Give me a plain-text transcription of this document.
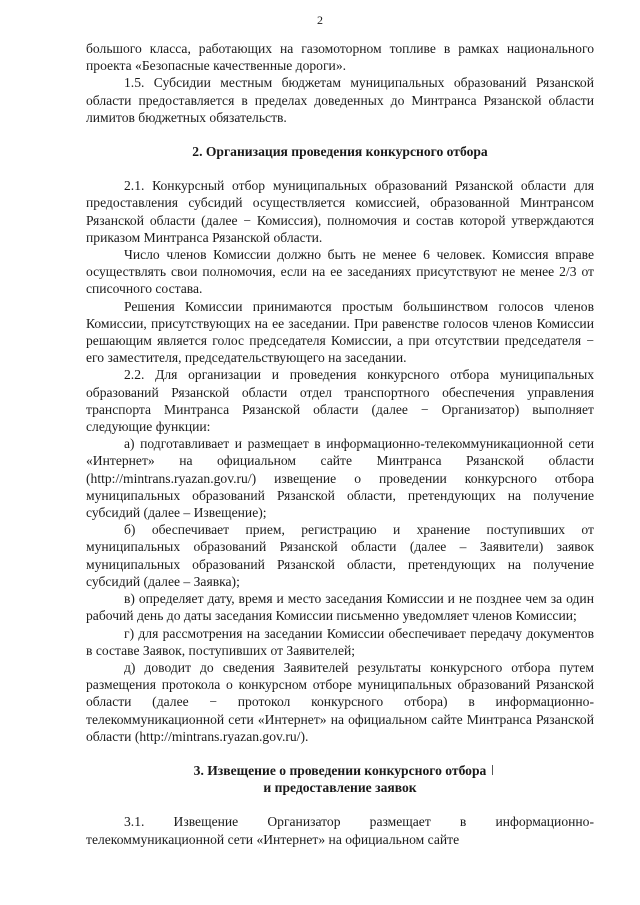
2

большого класса, работающих на газомоторном топливе в рамках национального проекта «Безопасные качественные дороги».

1.5. Субсидии местным бюджетам муниципальных образований Рязанской области предоставляется в пределах доведенных до Минтранса Рязанской области лимитов бюджетных обязательств.

2. Организация проведения конкурсного отбора

2.1. Конкурсный отбор муниципальных образований Рязанской области для предоставления субсидий осуществляется комиссией, образованной Минтрансом Рязанской области (далее − Комиссия), полномочия и состав которой утверждаются приказом Минтранса Рязанской области.

Число членов Комиссии должно быть не менее 6 человек. Комиссия вправе осуществлять свои полномочия, если на ее заседаниях присутствуют не менее 2/3 от списочного состава.

Решения Комиссии принимаются простым большинством голосов членов Комиссии, присутствующих на ее заседании. При равенстве голосов членов Комиссии решающим является голос председателя Комиссии, а при отсутствии председателя − его заместителя, председательствующего на заседании.

2.2. Для организации и проведения конкурсного отбора муниципальных образований Рязанской области отдел транспортного обеспечения управления транспорта Минтранса Рязанской области (далее − Организатор) выполняет следующие функции:

а) подготавливает и размещает в информационно-телекоммуникационной сети «Интернет» на официальном сайте Минтранса Рязанской области (http://mintrans.ryazan.gov.ru/) извещение о проведении конкурсного отбора муниципальных образований Рязанской области, претендующих на получение субсидий (далее – Извещение);

б) обеспечивает прием, регистрацию и хранение поступивших от муниципальных образований Рязанской области (далее – Заявители) заявок муниципальных образований Рязанской области, претендующих на получение субсидий (далее – Заявка);

в) определяет дату, время и место заседания Комиссии и не позднее чем за один рабочий день до даты заседания Комиссии письменно уведомляет членов Комиссии;

г) для рассмотрения на заседании Комиссии обеспечивает передачу документов в составе Заявок, поступивших от Заявителей;

д) доводит до сведения Заявителей результаты конкурсного отбора путем размещения протокола о конкурсном отборе муниципальных образований Рязанской области (далее − протокол конкурсного отбора) в информационно-телекоммуникационной сети «Интернет» на официальном сайте Минтранса Рязанской области (http://mintrans.ryazan.gov.ru/).

3. Извещение о проведении конкурсного отбора
и предоставление заявок

3.1. Извещение Организатор размещает в информационно-телекоммуникационной сети «Интернет» на официальном сайте
